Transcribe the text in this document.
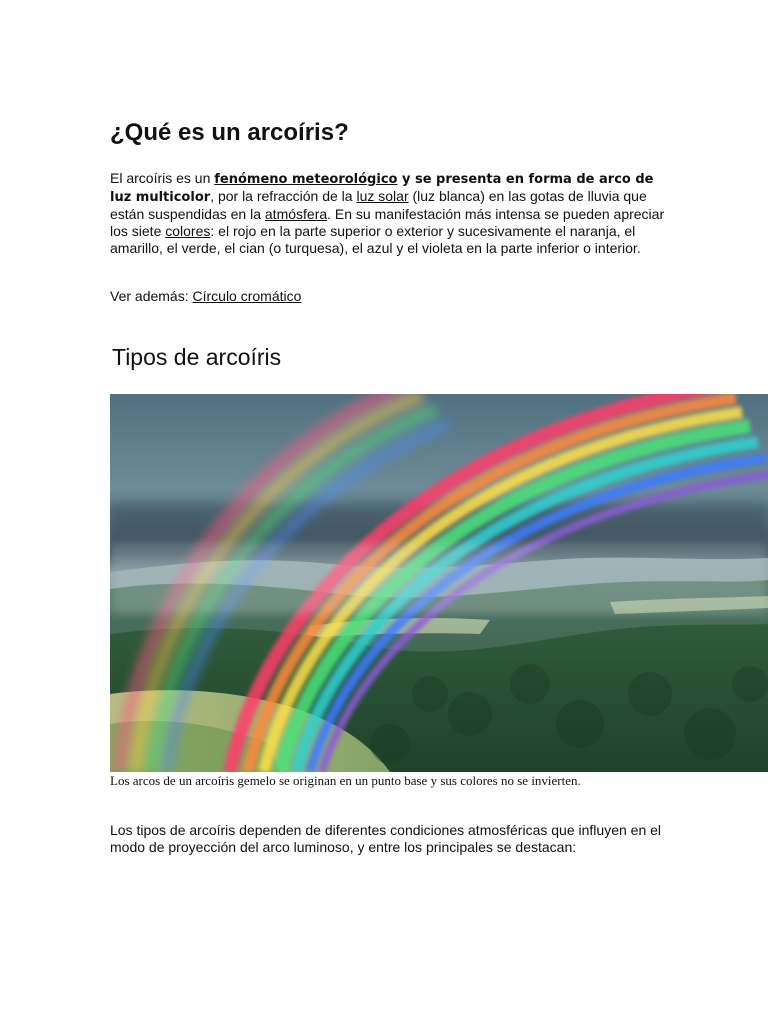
¿Qué es un arcoíris?

El arcoíris es un fenómeno meteorológico y se presenta en forma de arco de luz multicolor, por la refracción de la luz solar (luz blanca) en las gotas de lluvia que están suspendidas en la atmósfera. En su manifestación más intensa se pueden apreciar los siete colores: el rojo en la parte superior o exterior y sucesivamente el naranja, el amarillo, el verde, el cian (o turquesa), el azul y el violeta en la parte inferior o interior.

Ver además: Círculo cromático

Tipos de arcoíris

Los arcos de un arcoíris gemelo se originan en un punto base y sus colores no se invierten.

Los tipos de arcoíris dependen de diferentes condiciones atmosféricas que influyen en el modo de proyección del arco luminoso, y entre los principales se destacan:
